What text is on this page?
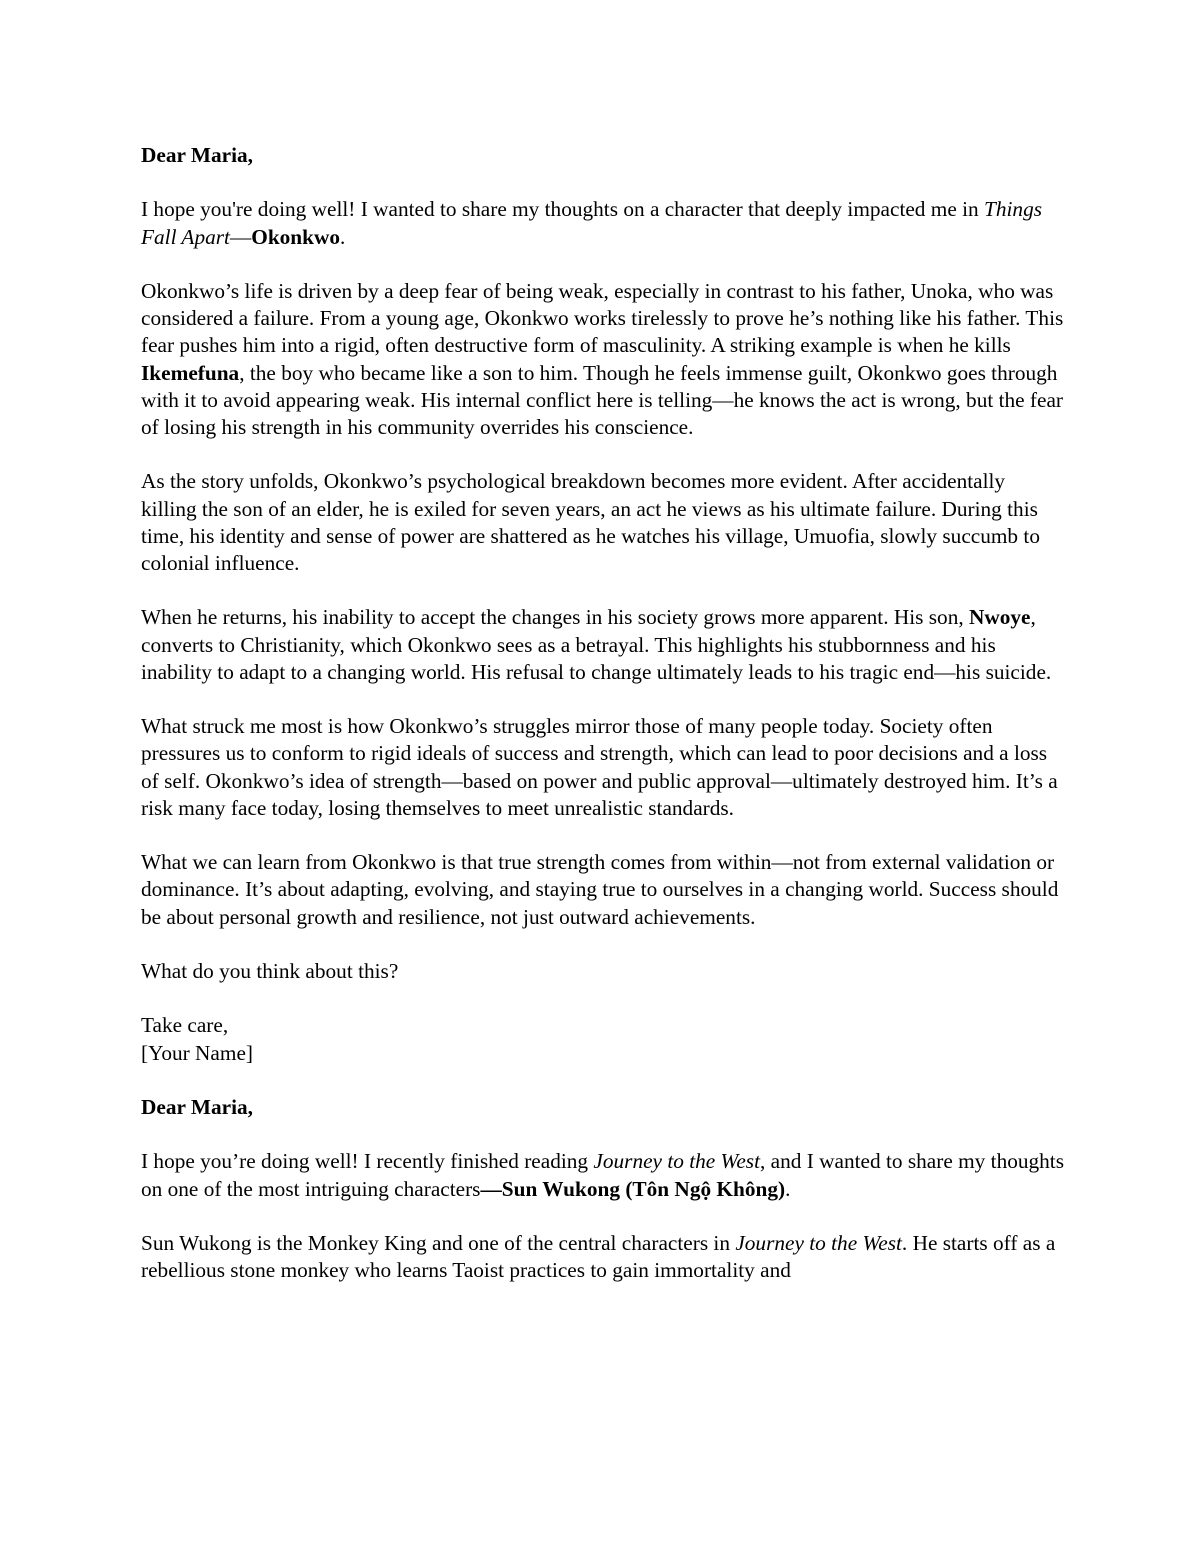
Dear Maria,

I hope you're doing well! I wanted to share my thoughts on a character that deeply impacted me in Things Fall Apart—Okonkwo.

Okonkwo’s life is driven by a deep fear of being weak, especially in contrast to his father, Unoka, who was considered a failure. From a young age, Okonkwo works tirelessly to prove he’s nothing like his father. This fear pushes him into a rigid, often destructive form of masculinity. A striking example is when he kills Ikemefuna, the boy who became like a son to him. Though he feels immense guilt, Okonkwo goes through with it to avoid appearing weak. His internal conflict here is telling—he knows the act is wrong, but the fear of losing his strength in his community overrides his conscience.

As the story unfolds, Okonkwo’s psychological breakdown becomes more evident. After accidentally killing the son of an elder, he is exiled for seven years, an act he views as his ultimate failure. During this time, his identity and sense of power are shattered as he watches his village, Umuofia, slowly succumb to colonial influence.

When he returns, his inability to accept the changes in his society grows more apparent. His son, Nwoye, converts to Christianity, which Okonkwo sees as a betrayal. This highlights his stubbornness and his inability to adapt to a changing world. His refusal to change ultimately leads to his tragic end—his suicide.

What struck me most is how Okonkwo’s struggles mirror those of many people today. Society often pressures us to conform to rigid ideals of success and strength, which can lead to poor decisions and a loss of self. Okonkwo’s idea of strength—based on power and public approval—ultimately destroyed him. It’s a risk many face today, losing themselves to meet unrealistic standards.

What we can learn from Okonkwo is that true strength comes from within—not from external validation or dominance. It’s about adapting, evolving, and staying true to ourselves in a changing world. Success should be about personal growth and resilience, not just outward achievements.

What do you think about this?

Take care,

[Your Name]

Dear Maria,

I hope you’re doing well! I recently finished reading Journey to the West, and I wanted to share my thoughts on one of the most intriguing characters—Sun Wukong (Tôn Ngộ Không).

Sun Wukong is the Monkey King and one of the central characters in Journey to the West. He starts off as a rebellious stone monkey who learns Taoist practices to gain immortality and
